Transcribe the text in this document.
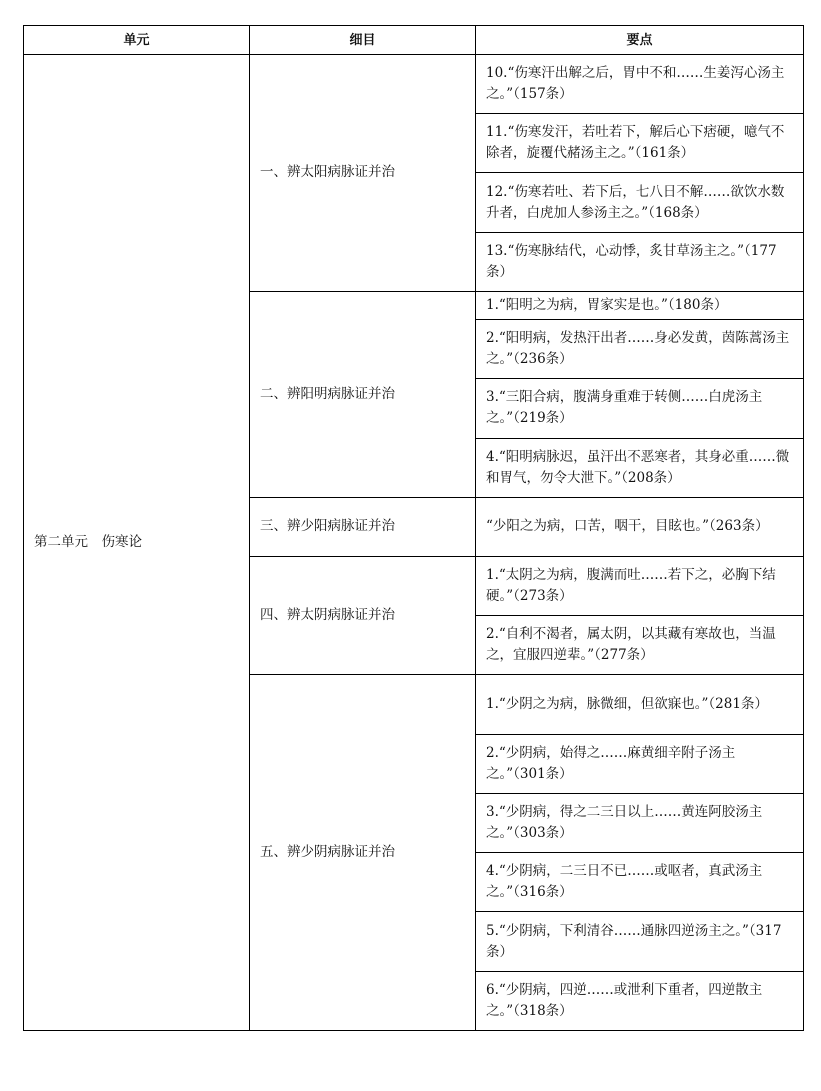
单元	细目	要点
第二单元　伤寒论	一、辨太阳病脉证并治	10.“伤寒汗出解之后，胃中不和……生姜泻心汤主之。”（157条）
		11.“伤寒发汗，若吐若下，解后心下痞硬，噫气不除者，旋覆代赭汤主之。”（161条）
		12.“伤寒若吐、若下后，七八日不解……欲饮水数升者，白虎加人参汤主之。”（168条）
		13.“伤寒脉结代，心动悸，炙甘草汤主之。”（177条）
	二、辨阳明病脉证并治	1.“阳明之为病，胃家实是也。”（180条）
		2.“阳明病，发热汗出者……身必发黄，茵陈蒿汤主之。”（236条）
		3.“三阳合病，腹满身重难于转侧……白虎汤主之。”（219条）
		4.“阳明病脉迟，虽汗出不恶寒者，其身必重……微和胃气，勿令大泄下。”（208条）
	三、辨少阳病脉证并治	“少阳之为病，口苦，咽干，目眩也。”（263条）
	四、辨太阴病脉证并治	1.“太阴之为病，腹满而吐……若下之，必胸下结硬。”（273条）
		2.“自利不渴者，属太阴，以其藏有寒故也，当温之，宜服四逆辈。”（277条）
	五、辨少阴病脉证并治	1.“少阴之为病，脉微细，但欲寐也。”（281条）
		2.“少阴病，始得之……麻黄细辛附子汤主之。”（301条）
		3.“少阴病，得之二三日以上……黄连阿胶汤主之。”（303条）
		4.“少阴病，二三日不已……或呕者，真武汤主之。”（316条）
		5.“少阴病，下利清谷……通脉四逆汤主之。”（317条）
		6.“少阴病，四逆……或泄利下重者，四逆散主之。”（318条）
